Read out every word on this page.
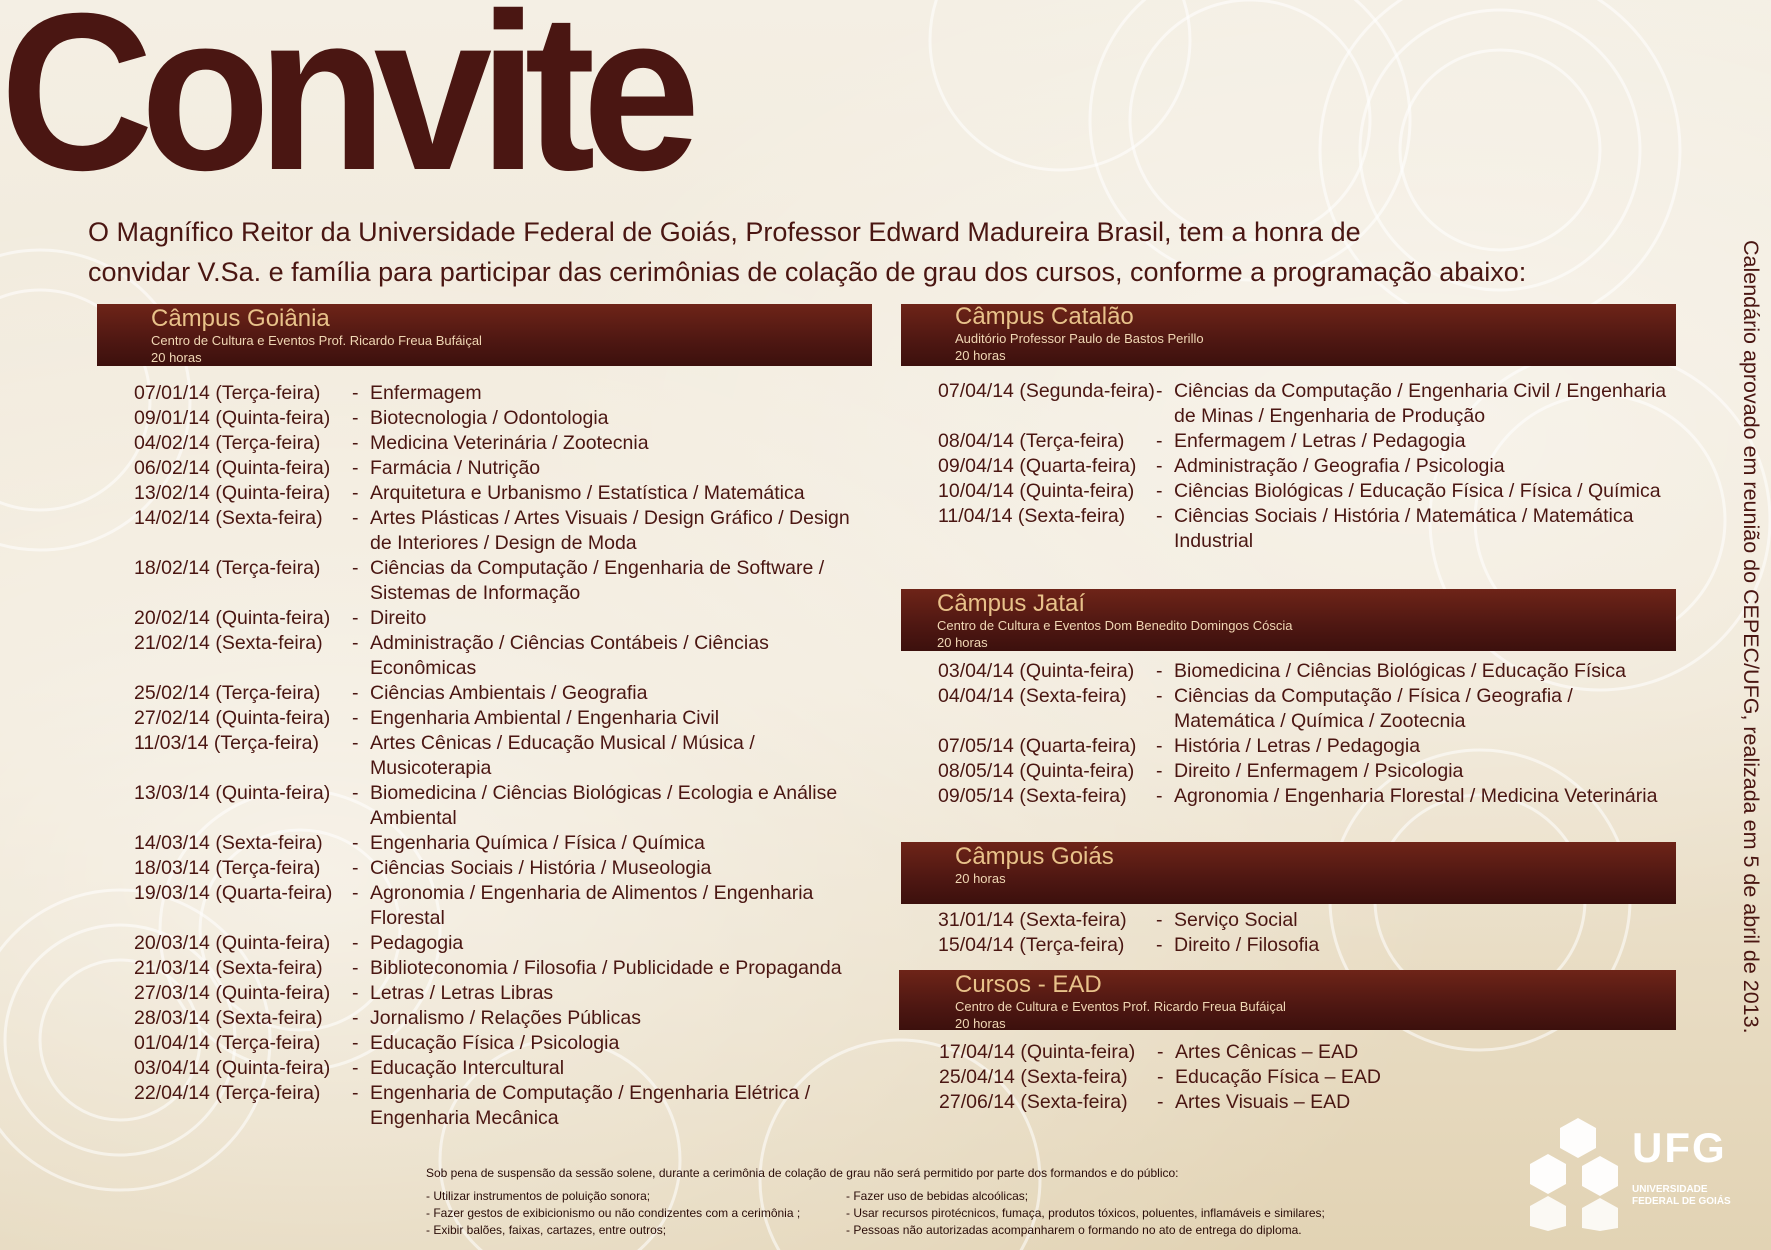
Convite

O Magnífico Reitor da Universidade Federal de Goiás, Professor Edward Madureira Brasil, tem a honra de
convidar V.Sa. e família para participar das cerimônias de colação de grau dos cursos, conforme a programação abaixo:	Calendário aprovado em reunião do CEPEC/UFG, realizada em 5 de abril de 2013.
Câmpus Goiânia
Centro de Cultura e Eventos Prof. Ricardo Freua Bufáiçal
20 horas
07/01/14 (Terça-feira)	- Enfermagem
09/01/14 (Quinta-feira)	- Biotecnologia / Odontologia
04/02/14 (Terça-feira)	- Medicina Veterinária / Zootecnia
06/02/14 (Quinta-feira)	- Farmácia / Nutrição
13/02/14 (Quinta-feira)	- Arquitetura e Urbanismo / Estatística / Matemática
14/02/14 (Sexta-feira)	- Artes Plásticas / Artes Visuais / Design Gráfico / Design de Interiores / Design de Moda
18/02/14 (Terça-feira)	- Ciências da Computação / Engenharia de Software / Sistemas de Informação
20/02/14 (Quinta-feira)	- Direito
21/02/14 (Sexta-feira)	- Administração / Ciências Contábeis / Ciências Econômicas
25/02/14 (Terça-feira)	- Ciências Ambientais / Geografia
27/02/14 (Quinta-feira)	- Engenharia Ambiental / Engenharia Civil
11/03/14 (Terça-feira)	- Artes Cênicas / Educação Musical / Música / Musicoterapia
13/03/14 (Quinta-feira)	- Biomedicina / Ciências Biológicas / Ecologia e Análise Ambiental
14/03/14 (Sexta-feira)	- Engenharia Química / Física / Química
18/03/14 (Terça-feira)	- Ciências Sociais / História / Museologia
19/03/14 (Quarta-feira)	- Agronomia / Engenharia de Alimentos / Engenharia Florestal
20/03/14 (Quinta-feira)	- Pedagogia
21/03/14 (Sexta-feira)	- Biblioteconomia / Filosofia / Publicidade e Propaganda
27/03/14 (Quinta-feira)	- Letras / Letras Libras
28/03/14 (Sexta-feira)	- Jornalismo / Relações Públicas
01/04/14 (Terça-feira)	- Educação Física / Psicologia
03/04/14 (Quinta-feira)	- Educação Intercultural
22/04/14 (Terça-feira)	- Engenharia de Computação / Engenharia Elétrica / Engenharia Mecânica
Câmpus Catalão
Auditório Professor Paulo de Bastos Perillo
20 horas
07/04/14 (Segunda-feira) - Ciências da Computação / Engenharia Civil / Engenharia de Minas / Engenharia de Produção
08/04/14 (Terça-feira)	- Enfermagem / Letras / Pedagogia
09/04/14 (Quarta-feira)	- Administração / Geografia / Psicologia
10/04/14 (Quinta-feira)	- Ciências Biológicas / Educação Física / Física / Química
11/04/14 (Sexta-feira)	- Ciências Sociais / História / Matemática / Matemática Industrial
Câmpus Jataí
Centro de Cultura e Eventos Dom Benedito Domingos Cóscia
20 horas
03/04/14 (Quinta-feira)	- Biomedicina / Ciências Biológicas / Educação Física
04/04/14 (Sexta-feira)	- Ciências da Computação / Física / Geografia / Matemática / Química / Zootecnia
07/05/14 (Quarta-feira)	- História / Letras / Pedagogia
08/05/14 (Quinta-feira)	- Direito / Enfermagem / Psicologia
09/05/14 (Sexta-feira)	- Agronomia / Engenharia Florestal / Medicina Veterinária
Câmpus Goiás
20 horas
31/01/14 (Sexta-feira)	- Serviço Social
15/04/14 (Terça-feira)	- Direito / Filosofia
Cursos - EAD
Centro de Cultura e Eventos Prof. Ricardo Freua Bufáiçal
20 horas
17/04/14 (Quinta-feira)	- Artes Cênicas – EAD
25/04/14 (Sexta-feira)	- Educação Física – EAD
27/06/14 (Sexta-feira)	- Artes Visuais – EAD
Sob pena de suspensão da sessão solene, durante a cerimônia de colação de grau não será permitido por parte dos formandos e do público:
- Utilizar instrumentos de poluição sonora;
- Fazer gestos de exibicionismo ou não condizentes com a cerimônia ;
- Exibir balões, faixas, cartazes, entre outros;
- Fazer uso de bebidas alcoólicas;
- Usar recursos pirotécnicos, fumaça, produtos tóxicos, poluentes, inflamáveis e similares;
- Pessoas não autorizadas acompanharem o formando no ato de entrega do diploma.
UFG
UNIVERSIDADE FEDERAL DE GOIÁS
